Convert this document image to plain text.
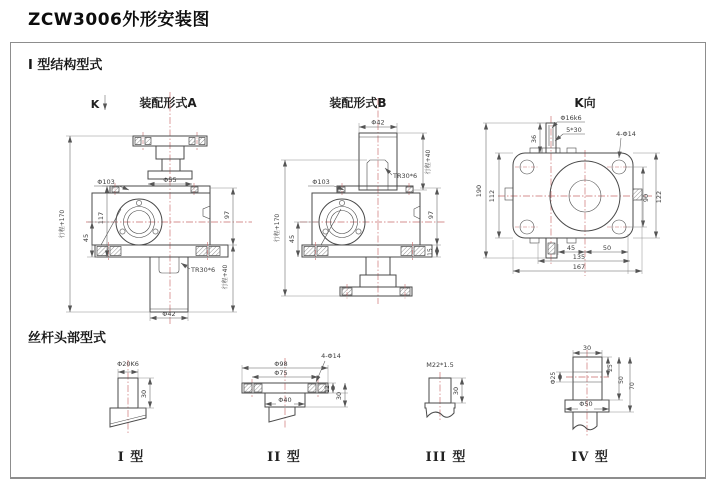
ZCW3006外形安装图
I 型结构型式
丝杆头部型式
装配形式A	装配形式B	K向
I 型	II 型	III 型	IV 型
K
行程+170	117
45
97
行程+40
Φ55
Φ103
TR30*6
Φ42
Φ42
行程+40
TR30*6
Φ103
行程+170 45
97
15
Φ16k6
5*30
36
4-Φ14
190 112	90 122
45	50
135
167
Φ20K6
30
4-Φ14
Φ98
Φ75
Φ40
12
30
M22*1.5
30
30
Φ25
25
50
70
Φ50
